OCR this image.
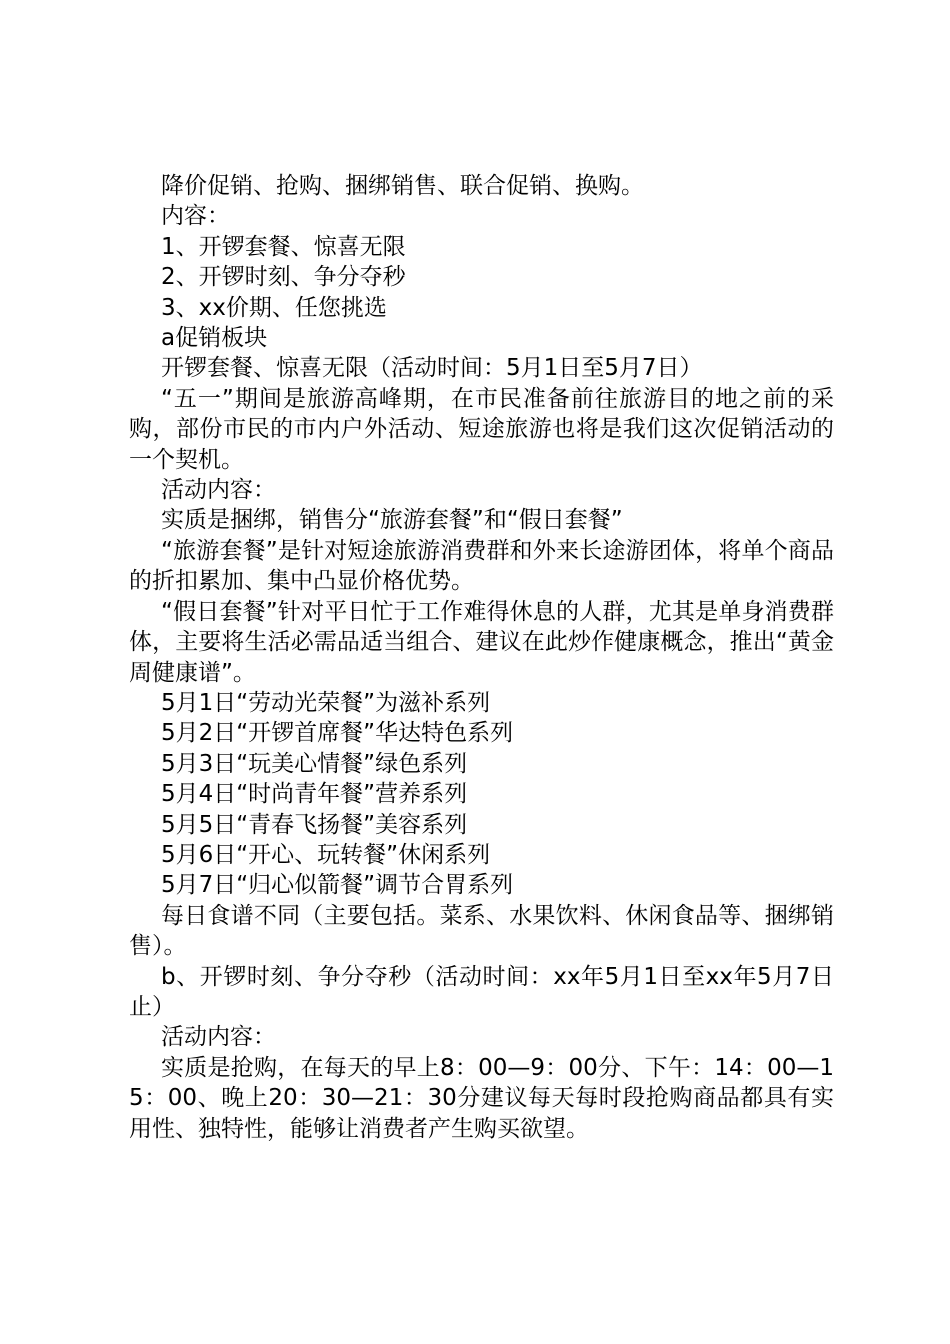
降价促销、抢购、捆绑销售、联合促销、换购。

内容：

1、开锣套餐、惊喜无限

2、开锣时刻、争分夺秒

3、xx价期、任您挑选

a促销板块

开锣套餐、惊喜无限（活动时间：5月1日至5月7日）

“五一”期间是旅游高峰期，在市民准备前往旅游目的地之前的采购，部份市民的市内户外活动、短途旅游也将是我们这次促销活动的一个契机。

活动内容：

实质是捆绑，销售分“旅游套餐”和“假日套餐”

“旅游套餐”是针对短途旅游消费群和外来长途游团体，将单个商品的折扣累加、集中凸显价格优势。

“假日套餐”针对平日忙于工作难得休息的人群，尤其是单身消费群体，主要将生活必需品适当组合、建议在此炒作健康概念，推出“黄金周健康谱”。

5月1日“劳动光荣餐”为滋补系列

5月2日“开锣首席餐”华达特色系列

5月3日“玩美心情餐”绿色系列

5月4日“时尚青年餐”营养系列

5月5日“青春飞扬餐”美容系列

5月6日“开心、玩转餐”休闲系列

5月7日“归心似箭餐”调节合胃系列

每日食谱不同（主要包括。菜系、水果饮料、休闲食品等、捆绑销售）。

b、开锣时刻、争分夺秒（活动时间：xx年5月1日至xx年5月7日止）

活动内容：

实质是抢购，在每天的早上8：00—9：00分、下午：14：00—15：00、晚上20：30—21：30分建议每天每时段抢购商品都具有实用性、独特性，能够让消费者产生购买欲望。
